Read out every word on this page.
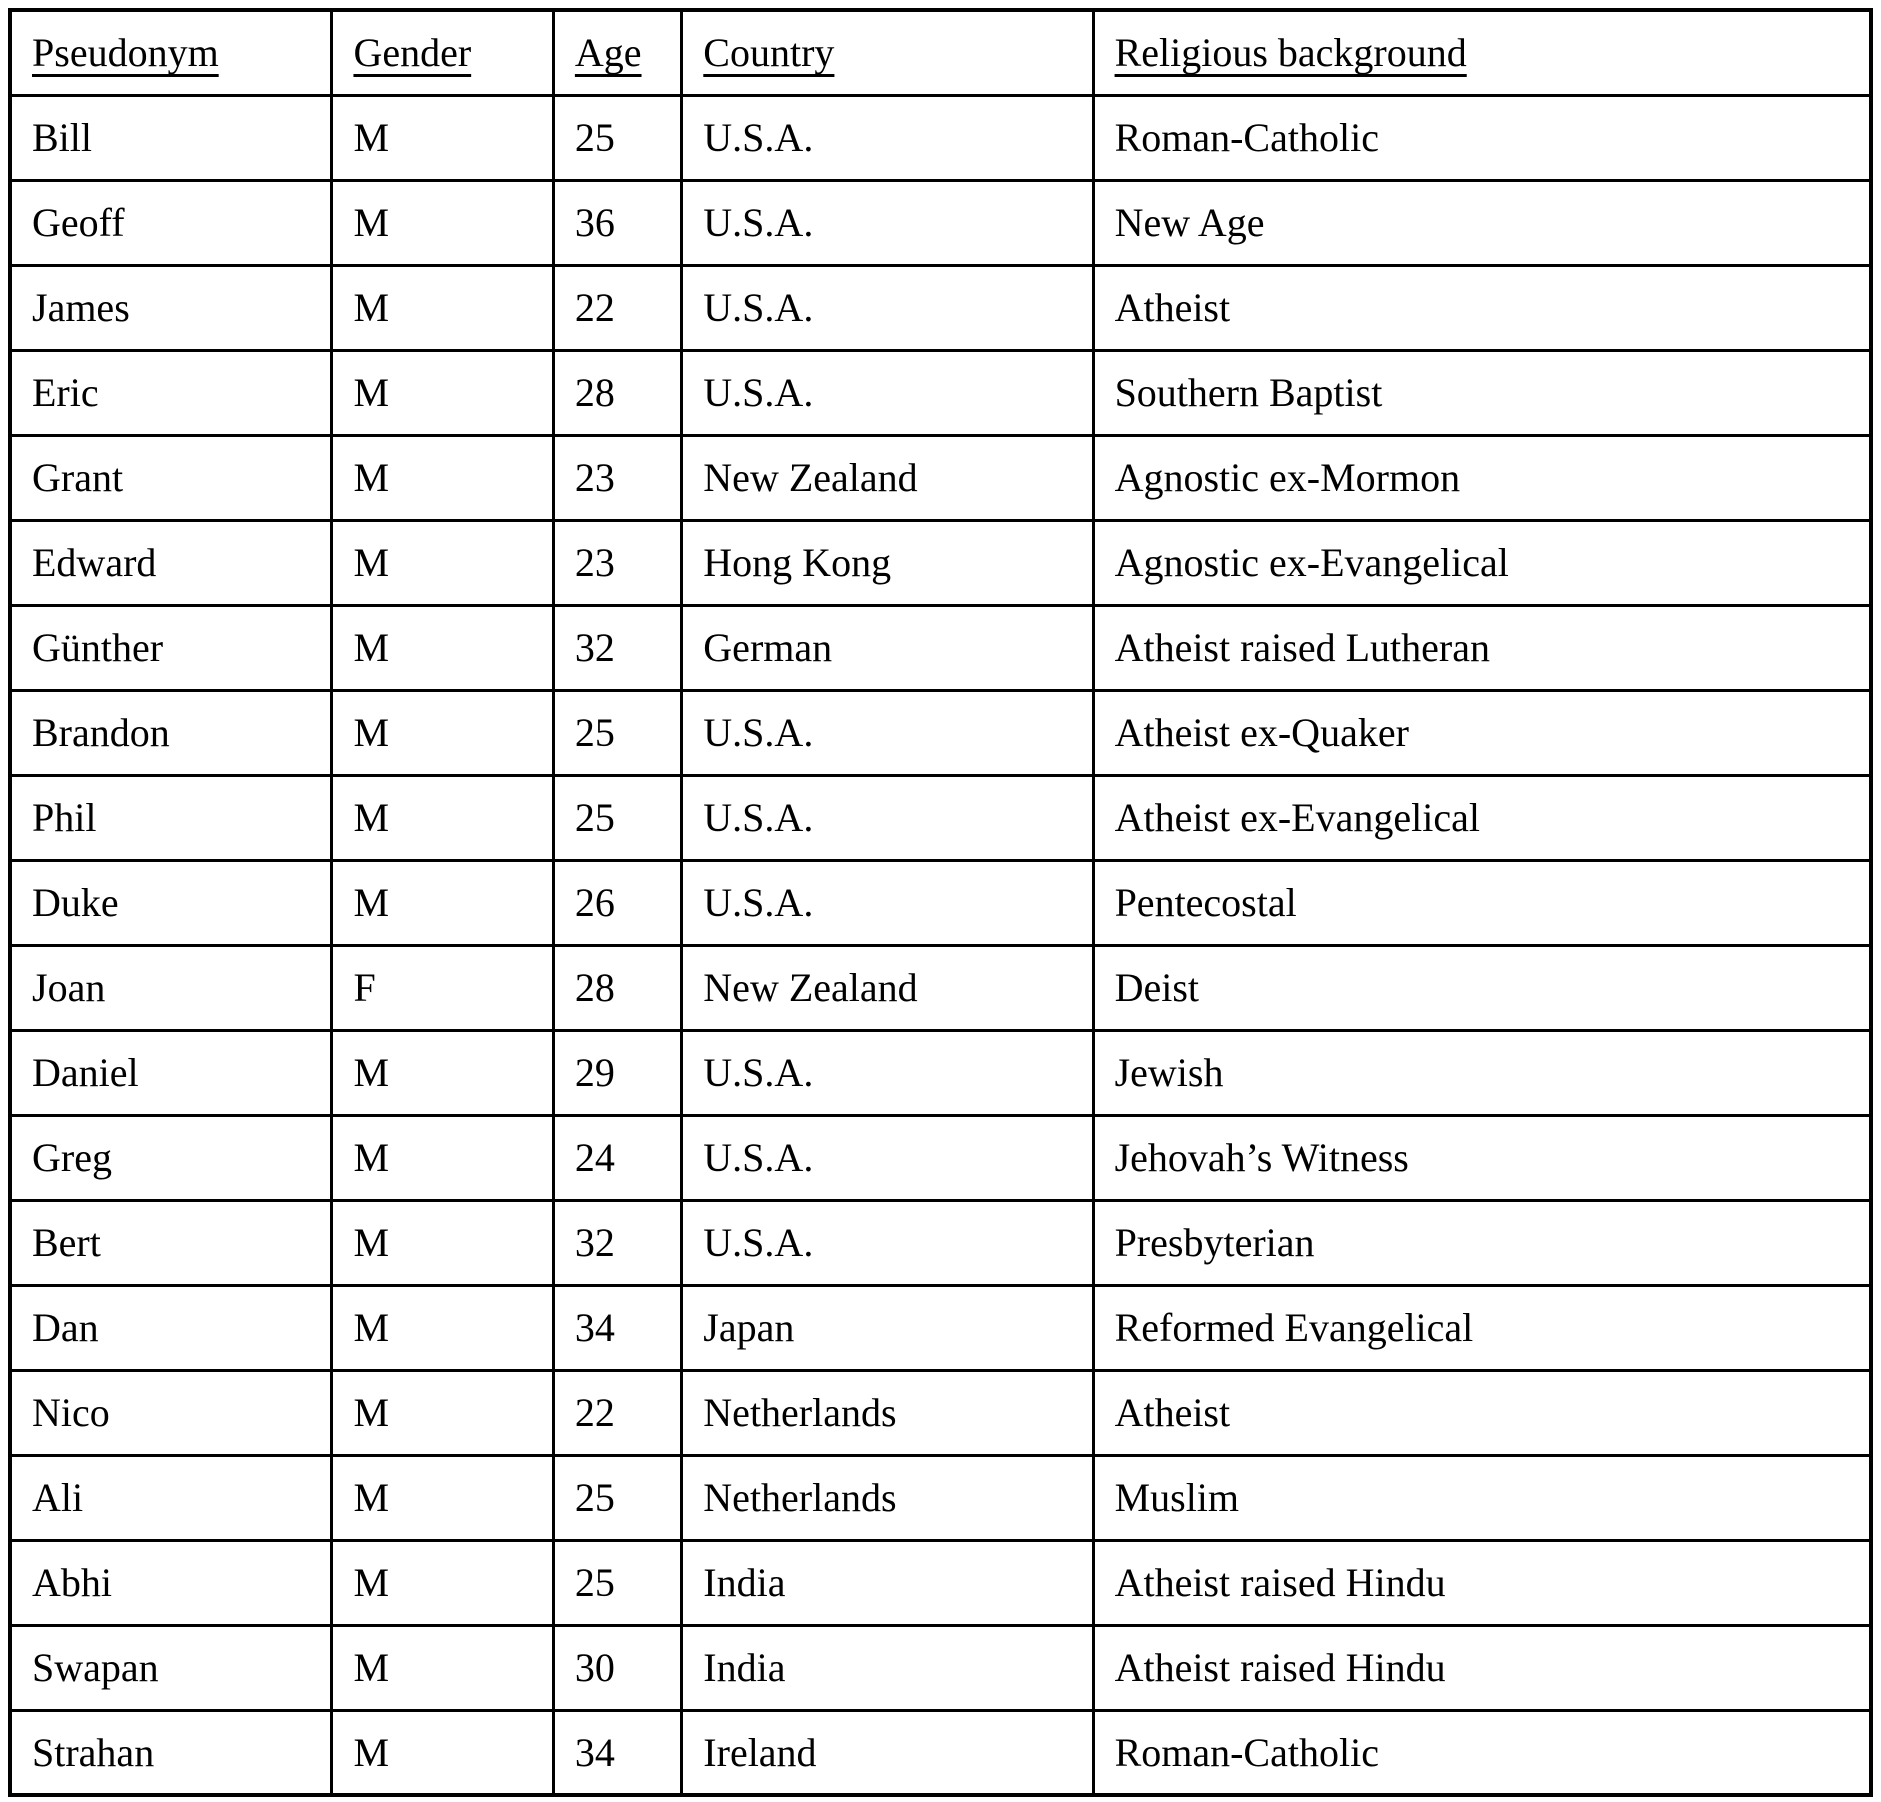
Pseudonym	Gender	Age	Country	Religious background
Bill	M	25	U.S.A.	Roman-Catholic
Geoff	M	36	U.S.A.	New Age
James	M	22	U.S.A.	Atheist
Eric	M	28	U.S.A.	Southern Baptist
Grant	M	23	New Zealand	Agnostic ex-Mormon
Edward	M	23	Hong Kong	Agnostic ex-Evangelical
Günther	M	32	German	Atheist raised Lutheran
Brandon	M	25	U.S.A.	Atheist ex-Quaker
Phil	M	25	U.S.A.	Atheist ex-Evangelical
Duke	M	26	U.S.A.	Pentecostal
Joan	F	28	New Zealand	Deist
Daniel	M	29	U.S.A.	Jewish
Greg	M	24	U.S.A.	Jehovah’s Witness
Bert	M	32	U.S.A.	Presbyterian
Dan	M	34	Japan	Reformed Evangelical
Nico	M	22	Netherlands	Atheist
Ali	M	25	Netherlands	Muslim
Abhi	M	25	India	Atheist raised Hindu
Swapan	M	30	India	Atheist raised Hindu
Strahan	M	34	Ireland	Roman-Catholic
